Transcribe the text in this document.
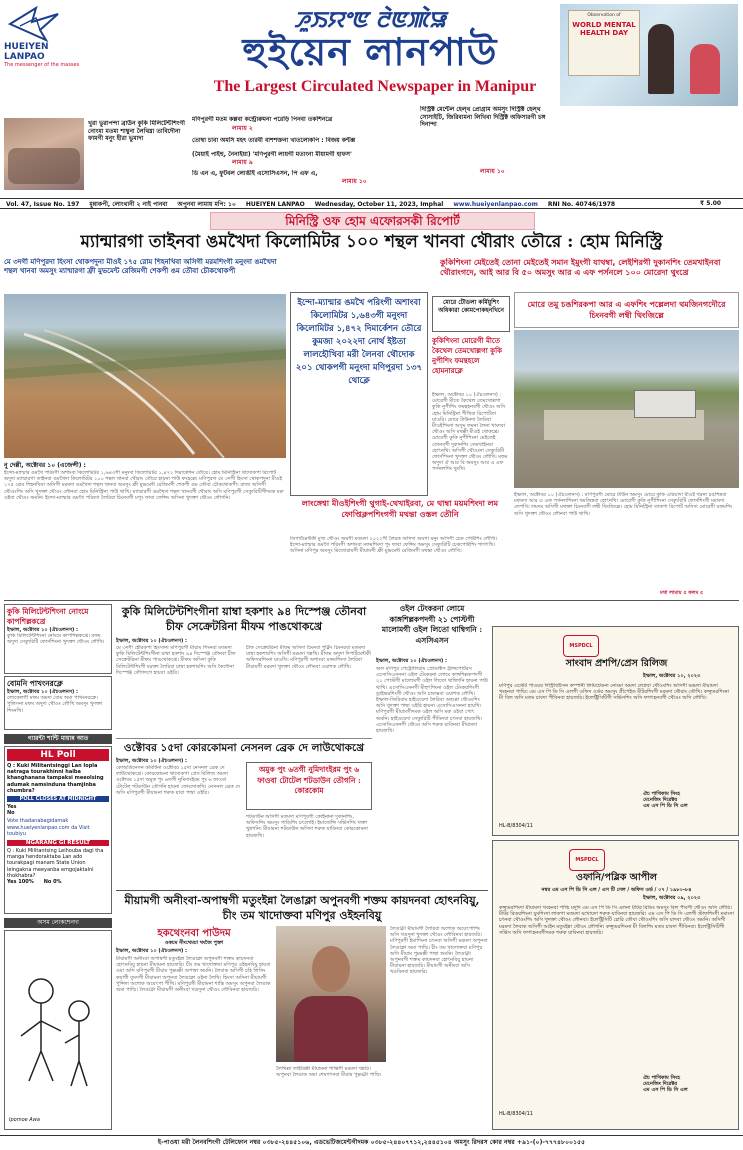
HUEIYEN LANPAO
The messenger of the masses
ꯍꯨꯏꯌꯦꯟ ꯂꯥꯟꯄꯥꯎ
হুইয়েন লানপাউ
The Largest Circulated Newspaper in Manipur
Observation of
WORLD MENTAL HEALTH DAY
খুরা ভুরাপন্দা ব্রাউন কুকি মিলিটেন্টশিংগী নোংমা মতমা শাম্বুনা লৈথিম্না তাবিদৌনা ফামগী মনুং হীরা ভুমাদা
মণিপুরগী মতম কল্লবা কন্ট্রোরুমনা পরেড়ি পিনবা তকশিনখ্রে
লামায় ২
তোম্বা চাবা অমসি মহৎ তারবী বাশশক্তনা খাতলোকপি : বিজয় কন্টক্স
(মৈয়াই পাইহু, নৈনাইয়া) 'মণিপুরগী লায়গী মতাংনা মীয়ামগী হাফস'
লামায় ৯
ডি এন এ, ফুটবল লোঙীই এসোসিএসন, পি এফ এ,
লামায় ১০
দিস্ট্রিক্ট মেন্টেল হেল্থ প্রোগ্রাম অমসুং দিস্ট্রিক্ট হেল্থ সোসাইটি, জিরিবামনা লিখিবা দিস্ট্রিক্ট অফিসারগী চঙ্গ দিনান্দা
লামায় ১০
₹ 5.00
Vol. 47, Issue No. 197 মুন্নাকপী, লোংথানী ২ নাই পানবা অপুনবা লামায় মপি: ১০ HUEIYEN LANPAO Wednesday, October 11, 2023, Imphal www.hueiyenlanpao.com RNI No. 40746/1978
মিনিস্ট্রি ওফ হোম এফোরসকী রিপোর্ট
ম্যান্মারগা তাইনবা ঙমখৈদা কিলোমিটর ১০০ শন্থল খানবা থৌরাং তৌরে : হোম মিনিস্ট্রি
মে ৩দগী মণিপুরদা হিংসা থোকপদুনা মীওই ১৭৫ রোম শিহনখিবা অসিগী মরমশিংগী মনুংদা ঙমখৈদা শন্থল খানবা অমসুং ম্যান্মারগা ফ্রী মুভমেন্ট রেজিমগী শেকপী ঙম তৌবা চৌকথোকপী
কুকিশিংনা মেইতেই তোনা মেইতেই সমান ইমুংগী যাথম্বা, লেইশিরগী দুকানশিং তেমখাইনবা থৌরাংগদে, আই আর বি ৫০ অমসুং আর এ এফ পর্সনলে ১০০ মোরেদা থুংখ্রে
ইন্দো-ম্যান্মার ঙমখৈ পরিংগী অশাংবা কিলোমিটর ১,৬৪৩গী মনুংদা কিলোমিটর ১,৪৭২ দিমার্কেশন তৌরে কুমজা ২০২২দা নোর্থ ইষ্টতা লালহৌখিবা মরী লৈনবা থৌদোক ২০১ থোকপগী মনুংদা মণিপুরদা ১৩৭ থোক্লে
মোরে টৌডলা কর্মিয়ুশিং অধিকারা কোমপোকহনখিনে
কুকিশিংনা মোরেগী মীতে কৈথেল তেমখোল্লগা কুকি নুপীশিং ফমন্থহলে হোমনারক্লে
ইম্ফাল, অক্টোবর ১০ (ঐচওলনস) : মোরেগী মীতে কৈথেল তেমখোল্লগা কুকি নুপীশিং ফমন্থহনবগী থৌওং অসি হোম মিনিষ্ট্রিনা পীখিবা রিপোর্টতা য়াওরি। মোরে টাউনদা লৈরিবা মীওইশিংনা অসুম ফমনা লৈনা খাংদবা থৌওং অসি মথক্কী মীওই থোকখ্রে। মোরেগী কুকি নুপীশিংনা মেইতেই তোনবগী দুকানশিং তেমখাইনবা হোৎনখি। অসিগী থৌওংদা সেক্যুরিটি ফোর্সশিংনা খুদক্তা থৌওং লৌখি। মফম অদুদা ঐ আর বি অমসুং আর এ এফ পর্সনলশিং থুংখি।
মোরে তমু চঙশিরকপা আর এ এফশিং পল্লেলদা থমজিনগদৌরে চিংনবগী লম্বী থিংজিল্লে
নু দেল্লী, অক্টোবর ১০ (এজেন্সী) :
ইন্দো-ম্যান্মার ঙমখৈ পরিংগী অশাংবা কিলোমিটর ১,৬৪৩গী মনুংদা কিলোমিটর ১,৪৭২ দিমার্কেশন তৌরে। হোম মিনিস্ট্রিনা থাদোকপা রিপোর্ট অদুদা ম্যান্মারগা তাইনবা ঙমখৈদা কিলোমিটর ১০০ শন্থল খানবা থৌরাং তৌরে হায়না পাউ ফংহল্লে। মণিপুরদা মে ৩দগী হিংসা থোকপদুনা মীওই ১৭৫ রোম শিহনখিবা অসিগী মরমদা ঙমখৈদা শন্থল খানবা অমসুং ফ্রী মুভমেন্ট রেজিমগী শেকপী ঙম তৌবা চৌকথোকপী। রাজ্য অসিগী থৌওংশিং অসি খুদক্তা থৌওং লৌনবা হোম মিনিস্ট্রিনা পাউ থাখি। ম্যান্মারগী ঙমখৈদা শন্থল খানবগী থৌরাং অসি মণিপুরগী সেক্যুরিটিগীদমক মরু ওইবা থৌওং অমনি। ইন্দো-ম্যান্মার ঙমখৈ পরিংদা লৈরিবা চিংনবগী মপুং ফাবা ফেন্সিং অসিনা খুদক্তা থৌওং লৌগনি।
লাংঙ্গেশ্বা মীওইশিংগী থুগাই-থেখাইরবা, মে থাম্বা ময়মশিংদা লম ফোপ্তিক্লপশিংগগী মথন্তা ওস্তল তৌনি
ডিপার্টমেন্টকী মুখ্য থৌওং অমগী মতমদা ২০২২গী লৈরক অসিদা অমগা মনুং অসিগী চেক পোষ্টশিং লৌখি। ইন্দো-ম্যান্মার ঙমখৈ পরিংগী অশাংবা মফমশিংদা পুং ফাবা ফেন্সিং অমসুং সেক্যুরিটি চেকপোষ্টশিং শাগৎখি। অসিনা মণিপুর অমসুং মিজোরামগী মীয়ামগী ফ্রী মুভমেন্ট রেজিমগী মথন্তা থৌওং লৌখি।
ইম্ফাল, অক্টোবর ১০ (ঐচওলনস) : মণিপুরগী মোরে টাউন অমসুং মোরে কুকি এরিয়াদা মীওই খরনা চঙশিন্নবা মফমদা আর এ এফ পর্সনলশিংনা থমজিন্নবা হোৎনখি। মোরেগী কুকি নুপীশিংনা সেক্যুরিটি ফোর্সশিংগী মমাংদা লেপখি। লমদম অসিগী মথক্তা চিংনবগী লম্বী থিংজিল্লে। হোম মিনিস্ট্রিনা তাকপা রিপোর্ট অসিদা মোরেগী মফমশিং অসি খুদক্তা থৌওং লৌনবা পাউ থাখি।
মথা লামায় ৫ কলম ৫
কুকি মিলিটেন্টশিংনা নোংমে কাপশিল্লকখ্রে
ইম্ফাল, অক্টোবর ১০ (ঐচওলনস) :
কুকি মিলিটেন্টশিংনা নোংমে কাপশিল্লকখ্রে। মফম অদুদা সেক্যুরিটি ফোর্সশিংনা খুদক্তা থৌওং লৌখি।
বোমনি পাখংনরক্লে
ইম্ফাল, অক্টোবর ১০ (ঐচওলনস) :
লোকেলগী মফম অমদা বোম অমা পাখংনরক্লে। পুলিসনা মফম অদুদা থৌওং লৌখি অমসুং খুদক্তা শিংনখি।
গ্যারন্টা শান্টি মায়ান্ন আত
HL Poll
Q : Kuki Militantsinggi Lan Iopla natraga tourakhinni haiba khanghanana tampaksi meeolsing adumak namsinduna thamjinba chumbra?
POLL CLOSES AT MIDNIGHT
Yes
No
Vote thadanabagidamak www.hueiyenlanpao.com da Visit toubiyu
NGARANG GI RESULT
Q : Kuki Militantsing Leihouba dagi tha manga hendoraktaba Lan ado tourakpagi manam State Union leingakna meeyanba emgojaktalni thokhabra?
Yes 100% No 0%
অসম লোকশেনদা
Ipomoe Awa
কুকি মিলিটেন্টশিংগীনা য়াম্বা হকশাং ৯৪ দিস্পেঞ্জ তৌনবা চীফ সেক্রেটরিনা মীফম পাঙথোকখ্রে
ইম্ফাল, অক্টোবর ১০ (ঐচওলনস) :
মে ৩দগী হৌরকপা হিংসানা মণিপুরগী মীয়াম শিংনবা মতমদা কুকি মিলিটেন্টশিংগীনা য়াম্বা হকশাং ৯৪ দিস্পেঞ্জ তৌনবা চীফ সেক্রেটরিনা মীফম পাঙথোকখ্রে। মীফম অসিদা কুকি মিলিটেন্টশিংগী মরক্তা লৈরিবা য়াম্বা হকশাংশিং অসি কৈদৌনা দিস্পেঞ্জ তৌগদগে হায়বা ওইরি।
চীফ সেক্রেটরিনা মীফম অসিদা চিংনবা পুক্নিং চিংনরবা মতমদা য়াম্বা হকশাংশিং অসিগী মরমদা খন্নখি। মীফম অদুদা দিপার্টমেন্টকী অফিসরশিংনা য়াওখি। মণিপুরগী অশাংবা মফমশিংদা লৈরিবা মীয়ামগী মরমদা খুদক্তা থৌওং লৌনবা ওয়াশক লৌখি।
ওক্টোবর ১৫দা কোরকোমনা নেসনল ব্রেক দে লাউথোকখ্রে
ইম্ফাল, অক্টোবর ১০ (ঐচওলনস) :
কোঅর্ডিনেসন কমিটিনা ওক্টোবর ১৫দা নেসনল ব্রেক দে লাউথোকখ্রে। কোরকোমনা থাদোকপা প্রেস রিলিজ অমদা ওক্টোবর ১৫দা অমুক পুং ৬তগী নুমিদাংইরম পুং ৬ ফাওবা টোটেল শটডাউন তৌগনি হায়না ফোংদোকখি। নেসনল ব্রেক দে অসি মণিপুরগী মীয়ামনা শরুক য়াবা পাম্বা ওইরি।
অমুক পুং ৬তগী নুমিদাংইরম পুং ৬ ফাওবা টোটেল শটডাউন তৌগনি : কোরকোম
শটডাউন অসিগী মতমদা মণিপুরগী কোইনানা দুকানশিং, অফিসশিং অমসুং গাড়িশিং চৎলোই। ইমার্জেন্সি সর্ভিসশিং খক্তা খুন্নগনি। মীয়ামনা শটডাউন অসিদা শরুক য়াবিনবা কোরকোমনা হায়জখি।
ওইল টেংকরনা লোমে কাঙ্গশিল্লকপদগী ২১ পোস্টগী মালোমগী ওইল লিতো থাম্বিগনি : এসসিএসন
ইম্ফাল, অক্টোবর ১০ (ঐচওলনস) :
অল মণিপুর পেট্রোলিয়াম প্রোডাক্টস ট্রান্সপোর্টরস এসোসিএসননা ওইল টেংকরনা লোমে কাঙ্গশিল্লকপদগী ২১ পোস্টগী মালোমগী ওইল লিতো থাম্বিগনি হায়না পাউ থাখি। এসোসিএসনগী মীহুৎশিংনা ওইল টেংকরশিংগী ড্রাইভরশিংগী থৌওং অসি চাংদম্নবা ওয়াশক লৌখি। ইম্ফাল-জিরিবাম হাইওয়েদা লৈরিবা অশুপ্পা থৌওংশিং অসি খুদক্তা পাম্বা ওইরি হায়না এসোসিএসননা হায়খি। মণিপুরগী মীয়ামগীদমক ওইল অসি মরু ওইবা পোৎ অমনি। হাইওয়েদা সেক্যুরিটি পীবিনবা চৎনবা হায়জখি। এসোসিএসনগী থৌওং অসি শরুক য়াবিনবা মীয়ামদা হায়জখি।
MSPDCL
সাংবাদ প্রশপি/প্রেস রিলিজ
ইম্ফাল, অক্টোবর ১০, ২০২৩
মণিপুর এস্টেট পাওয়র দিস্ট্রিবিউসন কম্পানী লিমিটেডনা নোংমা অমদা লেপ্লবা থৌওংশিং অসিগী মরমদা মীয়ামদা খংহনবা পাম্মি। এম এস পি ডি সি এলগী ওফিস ওর্ডর অমসুং প্রীপেইড মীটরশিংগী মরমদা থৌরাং তৌখি। কন্স্যুমরশিংনা মী বিল অসি মতম চাবদা পীবিনবা হায়জরি। ইলেক্ট্রিসিটিগী সর্ভিসশিং অসি ফগৎহনবগী থৌওং অসি লৌখি।
ঐচ পাখিকাম সিংহ
মেনেজিং দিরেক্টর
এম এস পি ডি সি এল
HL-B/8304/11
MSPDCL
ওফানি/পব্লিক আপীল
নম্বর এম এস পি ডি সি এল / এস টি সেল / অফিস ওর্ড / ০৭ / ১৯৮০-৮৪
ইম্ফাল, অক্টোবর ০৯, ২০২৩
কন্স্যুমরশিংদা মীয়ামদা খংহনবা পাম্মি মদুদি এম এস পি ডি সি এলনা মীটর রিডিং অমসুং বিল পীবগী থৌওং অসি লৌরি। মীটর রিডরশিংনা য়ুমশিংদা লাকপা মতমদা মখোয়দা শরুক য়াবিনবা হায়জরি। এম এস পি ডি সি এলগী স্টাফশিংগী মমাংদা চৎনবা থৌওংশিং অসি খুদক্তা থৌওং লৌনবা। ইলেক্ট্রিসিটি চোরি তৌবা থৌওংশিং অসি য়াদবা থৌওং অমনি। অসিগী মরমদা লৈবাক অসিগী আইন মতুংইন্না থৌওং লৌগনি। কন্স্যুমরশিংনা মী বিলশিং মতম চাবদা পীবিনবা। ইলেক্ট্রিসিটিগী সর্ভিস অসি ফগৎহনবগীদমক শরুক য়াবিনবা হায়জরি।
ঐচ পাখিকাম সিংহ
মেনেজিং দিরেক্টর
এম এস পি ডি সি এল
HL-B/8304/11
মীয়ামগী অনীংবা-অপাম্বগী মতুংইন্না লৈঙাক্লা অপুনবগী শক্তম কায়দনবা হোৎনবিয়ু, চীং তম খাদোক্তবা মণিপুর ওইহনবিয়ু
হকথেংনবা পাউদম
ওকচম নীংথেমচা থংজৈ পুক্তা
ইম্ফাল, অক্টোবর ১০ (ঐচওলনস) :
মীয়ামগী অনীংবা অপাম্বগী মতুংইন্না লৈঙাক্লা অপুনবগী শক্তম কায়দনবা হোৎনবিয়ু হায়না মীয়ামনা হায়জরি। চীং তম খাদোক্তবা মণিপুর ওইহনবিয়ু হায়বা ওয়া অসি মণিপুরগী মীয়াম পুম্নমক্কী অপাম্বা অমনি। লৈবাক অসিগী চহি লিসিং কয়াগী তুংদগী মীয়ামনা অপুনবা লৈঙাক্লা ওইনা লৈখি। হিংসা অসিনা মীয়ামগী পুন্সিদা অশোক অয়েৎপা পীখি। মণিপুরগী মীয়ামনা শান্তি অমসুং অপুনবা লৈঙাক অমা পাম্মি। লৈঙাক্না মীয়ামগী অনীংবা খঙদুনা থৌওং লৌবিনবা হায়জরি।
লৈঙাক্না মীয়ামগী লৈরিবা অশোক অয়েৎপাশিং অসি খঙদুনা খুদক্তা থৌওং লৌবিনবা হায়জরি। মণিপুরগী ইমাশিংনা চৎনবা অসিগী মরমদা অপুনবা লৈঙাক্লা অমা পাম্মি। চীং তম খাদোক্তবা মণিপুর অসি মীয়াম পুম্নমক্কী পাম্বা অমনি। লৈঙাক্না অপুনবগী শক্তম কায়দনবা হোৎনবিয়ু হায়না মীয়ামনা হায়জরি। মীয়ামগী অনীংবা অসি খঙবিনবা হায়জরি।
লৈথিল্লা লাইরিক্কী মীয়ামনা শান্তিগী মরমদা খন্নরি। অপুনবা লৈঙাক অমা শেমগৎনবা মীয়াম পুম্নমক্না পাম্মি।
ই-পাওযা মরী লৈনবশিংগী টেলিফোন নম্বর ০৩৮৫-২৪৪৫১০৬, এডভেটিজমেন্টগীদমক ০৩৮৫-২৪৪০৭৭১২,২৪৪৫১০৪ অমসুং রিদরস কোর নম্বর +৯১-(০)-৭৭৭৪৮০০১৫৫
